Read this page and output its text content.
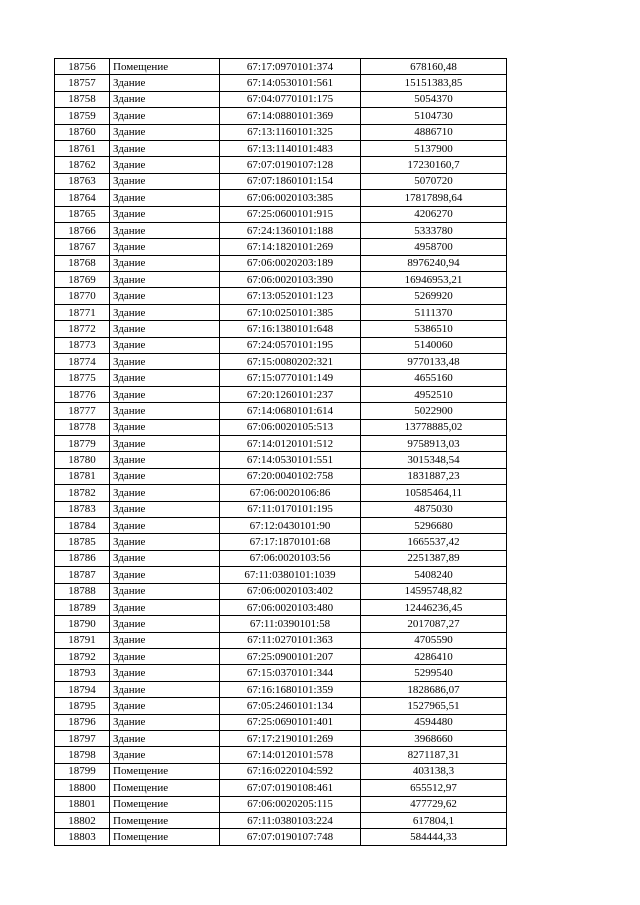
18756	Помещение	67:17:0970101:374	678160,48
18757	Здание	67:14:0530101:561	15151383,85
18758	Здание	67:04:0770101:175	5054370
18759	Здание	67:14:0880101:369	5104730
18760	Здание	67:13:1160101:325	4886710
18761	Здание	67:13:1140101:483	5137900
18762	Здание	67:07:0190107:128	17230160,7
18763	Здание	67:07:1860101:154	5070720
18764	Здание	67:06:0020103:385	17817898,64
18765	Здание	67:25:0600101:915	4206270
18766	Здание	67:24:1360101:188	5333780
18767	Здание	67:14:1820101:269	4958700
18768	Здание	67:06:0020203:189	8976240,94
18769	Здание	67:06:0020103:390	16946953,21
18770	Здание	67:13:0520101:123	5269920
18771	Здание	67:10:0250101:385	5111370
18772	Здание	67:16:1380101:648	5386510
18773	Здание	67:24:0570101:195	5140060
18774	Здание	67:15:0080202:321	9770133,48
18775	Здание	67:15:0770101:149	4655160
18776	Здание	67:20:1260101:237	4952510
18777	Здание	67:14:0680101:614	5022900
18778	Здание	67:06:0020105:513	13778885,02
18779	Здание	67:14:0120101:512	9758913,03
18780	Здание	67:14:0530101:551	3015348,54
18781	Здание	67:20:0040102:758	1831887,23
18782	Здание	67:06:0020106:86	10585464,11
18783	Здание	67:11:0170101:195	4875030
18784	Здание	67:12:0430101:90	5296680
18785	Здание	67:17:1870101:68	1665537,42
18786	Здание	67:06:0020103:56	2251387,89
18787	Здание	67:11:0380101:1039	5408240
18788	Здание	67:06:0020103:402	14595748,82
18789	Здание	67:06:0020103:480	12446236,45
18790	Здание	67:11:0390101:58	2017087,27
18791	Здание	67:11:0270101:363	4705590
18792	Здание	67:25:0900101:207	4286410
18793	Здание	67:15:0370101:344	5299540
18794	Здание	67:16:1680101:359	1828686,07
18795	Здание	67:05:2460101:134	1527965,51
18796	Здание	67:25:0690101:401	4594480
18797	Здание	67:17:2190101:269	3968660
18798	Здание	67:14:0120101:578	8271187,31
18799	Помещение	67:16:0220104:592	403138,3
18800	Помещение	67:07:0190108:461	655512,97
18801	Помещение	67:06:0020205:115	477729,62
18802	Помещение	67:11:0380103:224	617804,1
18803	Помещение	67:07:0190107:748	584444,33
